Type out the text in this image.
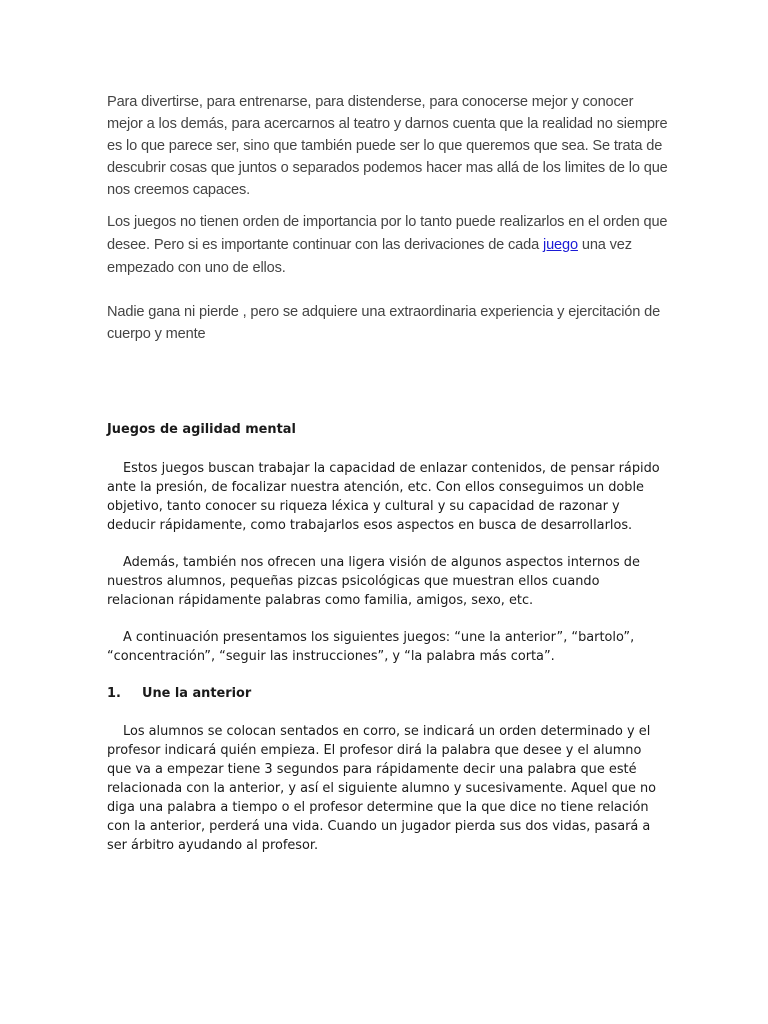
Para divertirse, para entrenarse, para distenderse, para conocerse mejor y conocer mejor a los demás, para acercarnos al teatro y darnos cuenta que la realidad no siempre es lo que parece ser, sino que también puede ser lo que queremos que sea. Se trata de descubrir cosas que juntos o separados podemos hacer mas allá de los limites de lo que nos creemos capaces.

Los juegos no tienen orden de importancia por lo tanto puede realizarlos en el orden que desee. Pero si es importante continuar con las derivaciones de cada juego una vez empezado con uno de ellos.

Nadie gana ni pierde , pero se adquiere una extraordinaria experiencia y ejercitación de cuerpo y mente

Juegos de agilidad mental

Estos juegos buscan trabajar la capacidad de enlazar contenidos, de pensar rápido ante la presión, de focalizar nuestra atención, etc. Con ellos conseguimos un doble objetivo, tanto conocer su riqueza léxica y cultural y su capacidad de razonar y deducir rápidamente, como trabajarlos esos aspectos en busca de desarrollarlos.

Además, también nos ofrecen una ligera visión de algunos aspectos internos de nuestros alumnos, pequeñas pizcas psicológicas que muestran ellos cuando relacionan rápidamente palabras como familia, amigos, sexo, etc.

A continuación presentamos los siguientes juegos: “une la anterior”, “bartolo”, “concentración”, “seguir las instrucciones”, y “la palabra más corta”.

1. Une la anterior

Los alumnos se colocan sentados en corro, se indicará un orden determinado y el profesor indicará quién empieza. El profesor dirá la palabra que desee y el alumno que va a empezar tiene 3 segundos para rápidamente decir una palabra que esté relacionada con la anterior, y así el siguiente alumno y sucesivamente. Aquel que no diga una palabra a tiempo o el profesor determine que la que dice no tiene relación con la anterior, perderá una vida. Cuando un jugador pierda sus dos vidas, pasará a ser árbitro ayudando al profesor.
